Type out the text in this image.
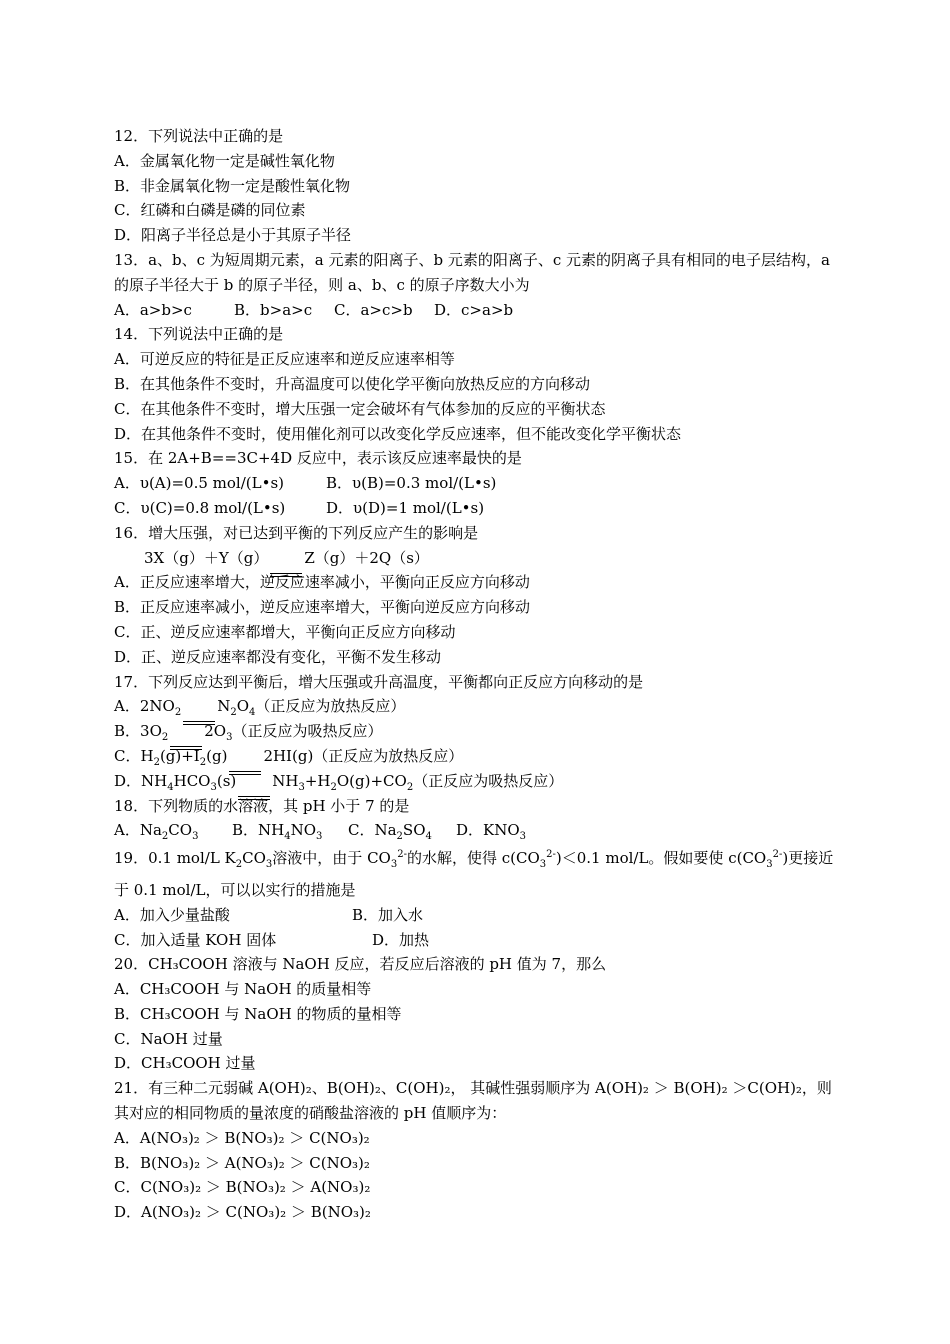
12．下列说法中正确的是
A．金属氧化物一定是碱性氧化物
B．非金属氧化物一定是酸性氧化物
C．红磷和白磷是磷的同位素
D．阳离子半径总是小于其原子半径
13．a、b、c 为短周期元素，a 元素的阳离子、b 元素的阳离子、c 元素的阴离子具有相同的电子层结构，a 的原子半径大于 b 的原子半径，则 a、b、c 的原子序数大小为
A．a>b>c	B．b>a>c C．a>c>b D．c>a>b
14．下列说法中正确的是
A．可逆反应的特征是正反应速率和逆反应速率相等
B．在其他条件不变时，升高温度可以使化学平衡向放热反应的方向移动
C．在其他条件不变时，增大压强一定会破坏有气体参加的反应的平衡状态
D．在其他条件不变时，使用催化剂可以改变化学反应速率，但不能改变化学平衡状态
15．在 2A+B==3C+4D 反应中，表示该反应速率最快的是
A．υ(A)=0.5 mol/(L•s)	B．υ(B)=0.3 mol/(L•s)
C．υ(C)=0.8 mol/(L•s)	D．υ(D)=1 mol/(L•s)
16．增大压强，对已达到平衡的下列反应产生的影响是
3X（g）＋Y（g） Z（g）＋2Q（s）
A．正反应速率增大，逆反应速率减小，平衡向正反应方向移动
B．正反应速率减小，逆反应速率增大，平衡向逆反应方向移动
C．正、逆反应速率都增大，平衡向正反应方向移动
D．正、逆反应速率都没有变化，平衡不发生移动
17．下列反应达到平衡后，增大压强或升高温度，平衡都向正反应方向移动的是
A．$2NO_2$ $N_2O_4$（正反应为放热反应）
B．$3O_2$ $2O_3$（正反应为吸热反应）
C．$H_2(g)+I_2(g)$ 2HI(g)（正反应为放热反应）
D．$NH_4HCO_3(s)$ $NH_3+H_2O(g)+CO_2$（正反应为吸热反应）
18．下列物质的水溶液，其 pH 小于 7 的是
A．$Na_2CO_3$ B．$NH_4NO_3$ C．$Na_2SO_4$ D．$KNO_3$
19．0.1 mol/L $K_2CO_3$溶液中，由于 $CO_3^{2-}$的水解，使得 $c(CO_3^{2-})<0.1$ mol/L。假如要使 $c(CO_3^{2-})$更接近于 0.1 mol/L，可以以实行的措施是
A．加入少量盐酸	B．加入水
C．加入适量 KOH 固体	D．加热
20．CH₃COOH 溶液与 NaOH 反应，若反应后溶液的 pH 值为 7，那么
A．CH₃COOH 与 NaOH 的质量相等
B．CH₃COOH 与 NaOH 的物质的量相等
C．NaOH 过量
D．CH₃COOH 过量
21．有三种二元弱碱 A(OH)₂、B(OH)₂、C(OH)₂， 其碱性强弱顺序为 A(OH)₂ ＞ B(OH)₂ ＞C(OH)₂，则其对应的相同物质的量浓度的硝酸盐溶液的 pH 值顺序为：
A．A(NO₃)₂ ＞ B(NO₃)₂ ＞ C(NO₃)₂
B．B(NO₃)₂ ＞ A(NO₃)₂ ＞ C(NO₃)₂
C．C(NO₃)₂ ＞ B(NO₃)₂ ＞ A(NO₃)₂
D．A(NO₃)₂ ＞ C(NO₃)₂ ＞ B(NO₃)₂
